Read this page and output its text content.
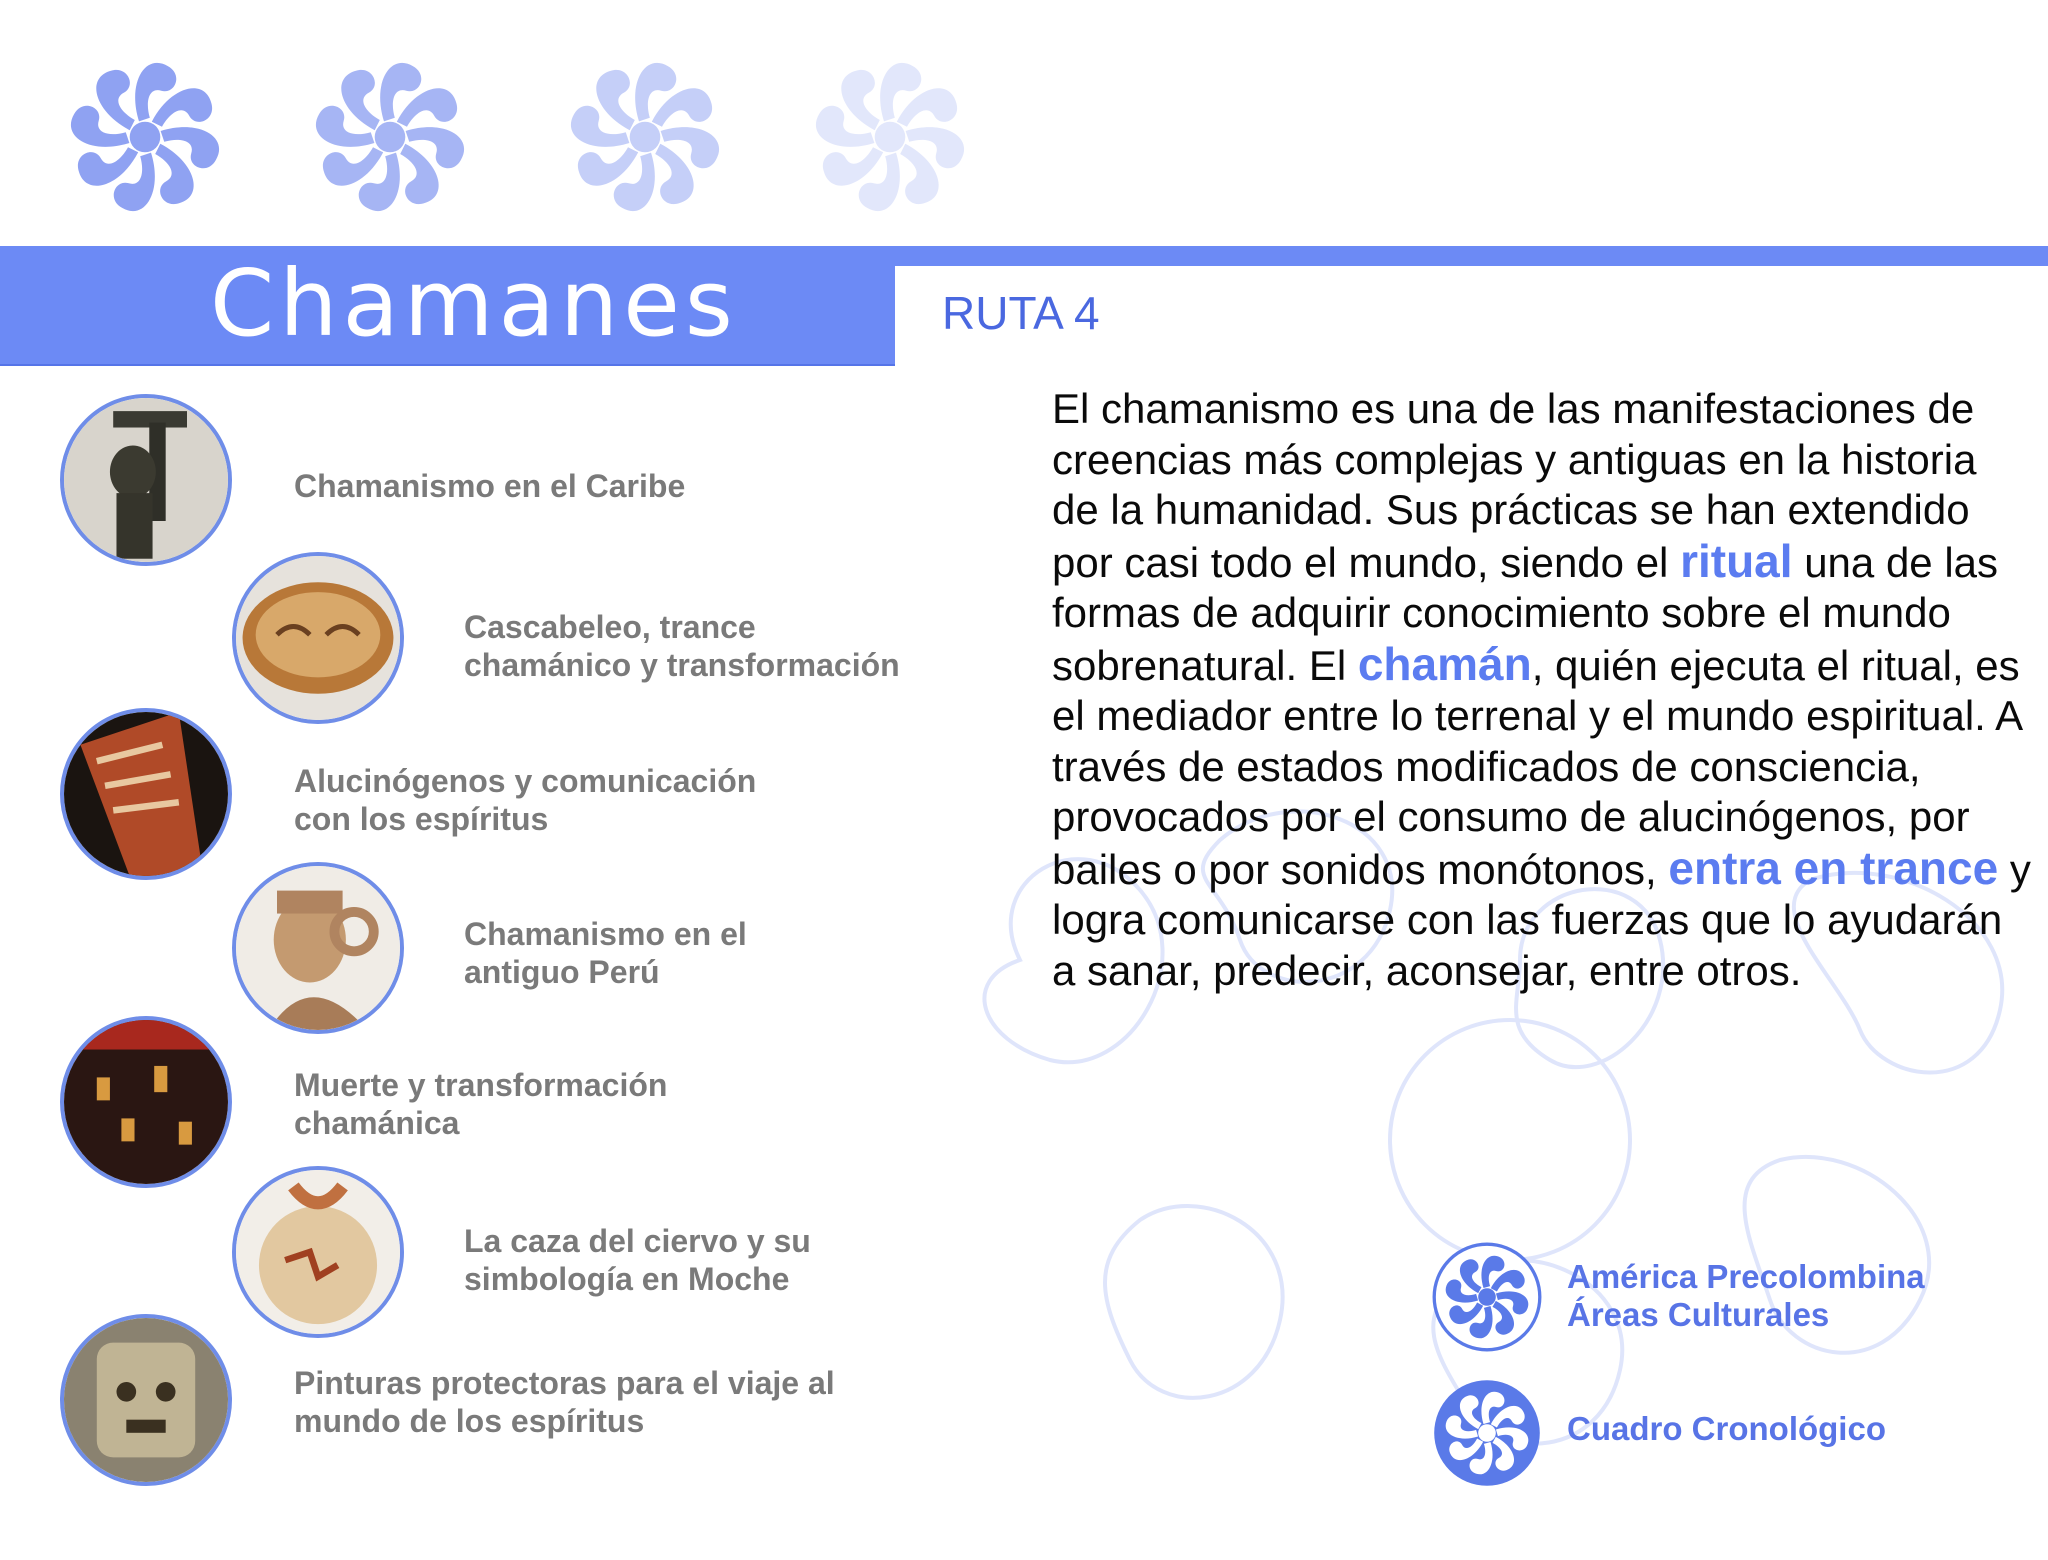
Chamanes	RUTA 4
Chamanismo en el Caribe
Cascabeleo, trance
chamánico y transformación
Alucinógenos y comunicación
con los espíritus
Chamanismo en el
antiguo Perú
Muerte y transformación
chamánica
La caza del ciervo y su
simbología en Moche
Pinturas protectoras para el viaje al
mundo de los espíritus
El chamanismo es una de las manifestaciones de creencias más complejas y antiguas en la historia de la humanidad. Sus prácticas se han extendido por casi todo el mundo, siendo el ritual una de las formas de adquirir conocimiento sobre el mundo sobrenatural. El chamán, quién ejecuta el ritual, es el mediador entre lo terrenal y el mundo espiritual. A través de estados modificados de consciencia, provocados por el consumo de alucinógenos, por bailes o por sonidos monótonos, entra en trance y logra comunicarse con las fuerzas que lo ayudarán a sanar, predecir, aconsejar, entre otros.
América Precolombina
Áreas Culturales
Cuadro Cronológico
